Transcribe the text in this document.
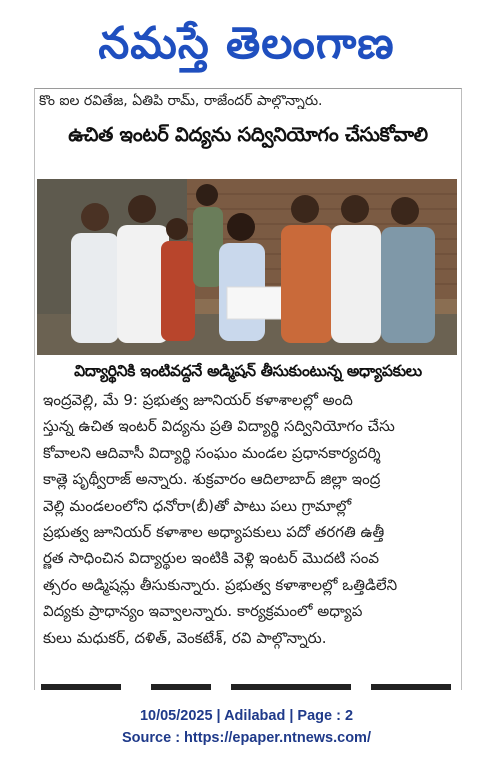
నమస్తే తెలంగాణ
కొం ఐల రవితేజ, ఏతిపి రామ్, రాజేందర్ పాల్గొన్నారు.
ఉచిత ఇంటర్ విద్యను సద్వినియోగం చేసుకోవాలి
విద్యార్థినికి ఇంటివద్దనే అడ్మిషన్ తీసుకుంటున్న అధ్యాపకులు
ఇంద్రవెల్లి, మే 9: ప్రభుత్వ జూనియర్ కళాశాలల్లో అంది
స్తున్న ఉచిత ఇంటర్ విద్యను ప్రతి విద్యార్థి సద్వినియోగం చేసు
కోవాలని ఆదివాసీ విద్యార్థి సంఘం మండల ప్రధానకార్యదర్శి
కాత్లె పృథ్వీరాజ్ అన్నారు. శుక్రవారం ఆదిలాబాద్ జిల్లా ఇంద్ర
వెల్లి మండలంలోని ధనోరా(బీ)తో పాటు పలు గ్రామాల్లో
ప్రభుత్వ జూనియర్ కళాశాల అధ్యాపకులు పదో తరగతి ఉత్తీ
ర్ణత సాధించిన విద్యార్థుల ఇంటికి వెళ్లి ఇంటర్ మొదటి సంవ
త్సరం అడ్మిషన్లు తీసుకున్నారు. ప్రభుత్వ కళాశాలల్లో ఒత్తిడిలేని
విద్యకు ప్రాధాన్యం ఇవ్వాలన్నారు. కార్యక్రమంలో అధ్యాప
కులు మధుకర్, దళిత్, వెంకటేశ్, రవి పాల్గొన్నారు.
10/05/2025 | Adilabad | Page : 2
Source : https://epaper.ntnews.com/
